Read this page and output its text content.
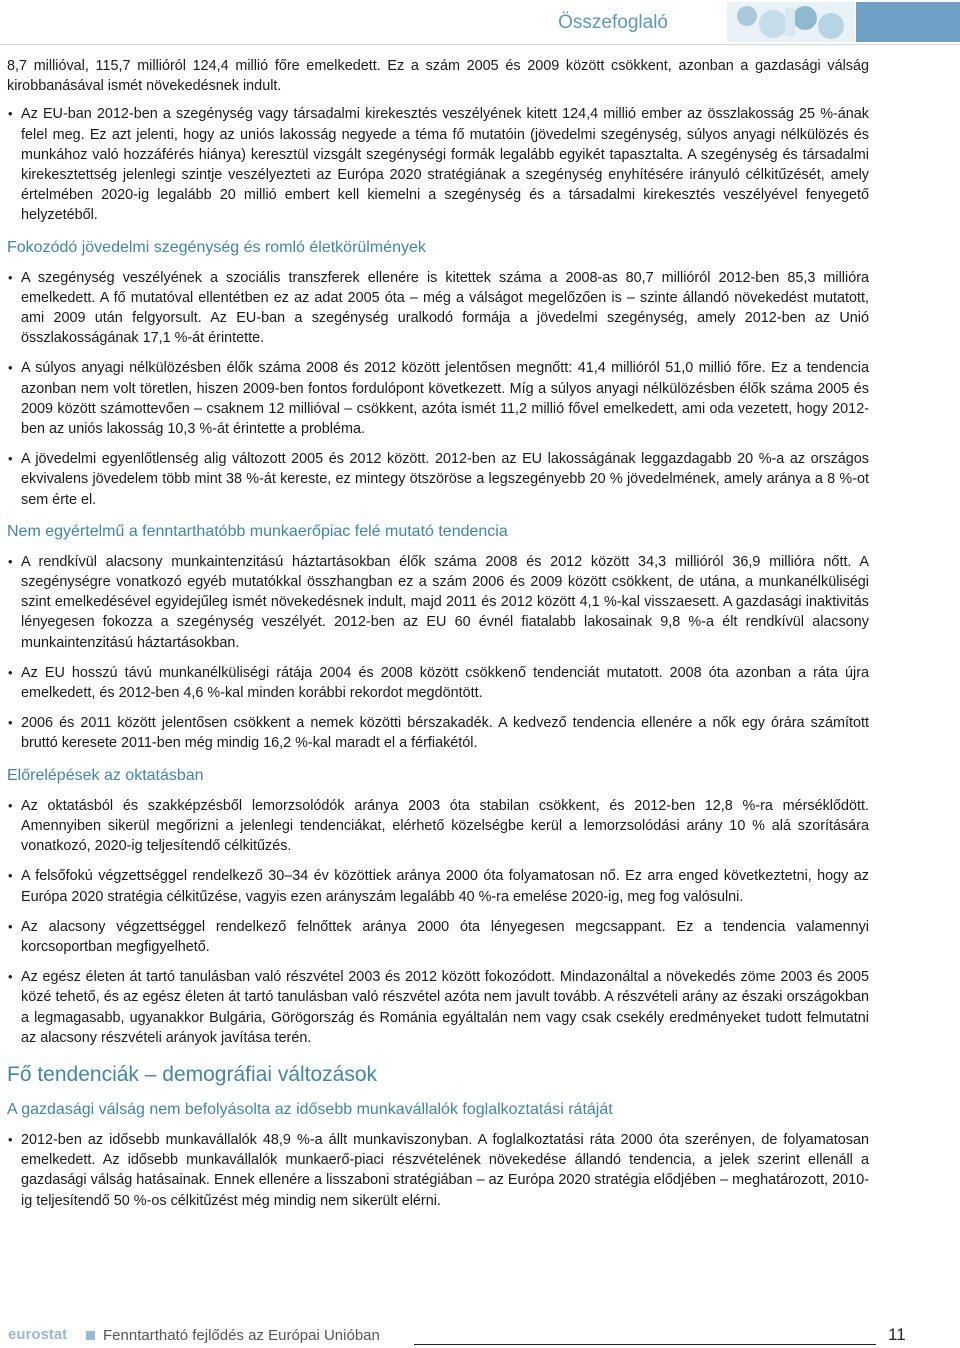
Összefoglaló

8,7 millióval, 115,7 millióról 124,4 millió főre emelkedett. Ez a szám 2005 és 2009 között csökkent, azonban a gazdasági válság kirobbanásával ismét növekedésnek indult.

• Az EU-ban 2012-ben a szegénység vagy társadalmi kirekesztés veszélyének kitett 124,4 millió ember az összlakosság 25 %-ának felel meg. Ez azt jelenti, hogy az uniós lakosság negyede a téma fő mutatóin (jövedelmi szegénység, súlyos anyagi nélkülözés és munkához való hozzáférés hiánya) keresztül vizsgált szegénységi formák legalább egyikét tapasztalta. A szegénység és társadalmi kirekesztettség jelenlegi szintje veszélyezteti az Európa 2020 stratégiának a szegénység enyhítésére irányuló célkitűzését, amely értelmében 2020-ig legalább 20 millió embert kell kiemelni a szegénység és a társadalmi kirekesztés veszélyével fenyegető helyzetéből.
Fokozódó jövedelmi szegénység és romló életkörülmények
• A szegénység veszélyének a szociális transzferek ellenére is kitettek száma a 2008-as 80,7 millióról 2012-ben 85,3 millióra emelkedett. A fő mutatóval ellentétben ez az adat 2005 óta – még a válságot megelőzően is – szinte állandó növekedést mutatott, ami 2009 után felgyorsult. Az EU-ban a szegénység uralkodó formája a jövedelmi szegénység, amely 2012-ben az Unió összlakosságának 17,1 %-át érintette.
• A súlyos anyagi nélkülözésben élők száma 2008 és 2012 között jelentősen megnőtt: 41,4 millióról 51,0 millió főre. Ez a tendencia azonban nem volt töretlen, hiszen 2009-ben fontos fordulópont következett. Míg a súlyos anyagi nélkülözésben élők száma 2005 és 2009 között számottevően – csaknem 12 millióval – csökkent, azóta ismét 11,2 millió fővel emelkedett, ami oda vezetett, hogy 2012-ben az uniós lakosság 10,3 %-át érintette a probléma.
• A jövedelmi egyenlőtlenség alig változott 2005 és 2012 között. 2012-ben az EU lakosságának leggazdagabb 20 %-a az országos ekvivalens jövedelem több mint 38 %-át kereste, ez mintegy ötszöröse a legszegényebb 20 % jövedelmének, amely aránya a 8 %-ot sem érte el.
Nem egyértelmű a fenntarthatóbb munkaerőpiac felé mutató tendencia
• A rendkívül alacsony munkaintenzitású háztartásokban élők száma 2008 és 2012 között 34,3 millióról 36,9 millióra nőtt. A szegénységre vonatkozó egyéb mutatókkal összhangban ez a szám 2006 és 2009 között csökkent, de utána, a munkanélküliségi szint emelkedésével egyidejűleg ismét növekedésnek indult, majd 2011 és 2012 között 4,1 %-kal visszaesett. A gazdasági inaktivitás lényegesen fokozza a szegénység veszélyét. 2012-ben az EU 60 évnél fiatalabb lakosainak 9,8 %-a élt rendkívül alacsony munkaintenzitású háztartásokban.
• Az EU hosszú távú munkanélküliségi rátája 2004 és 2008 között csökkenő tendenciát mutatott. 2008 óta azonban a ráta újra emelkedett, és 2012-ben 4,6 %-kal minden korábbi rekordot megdöntött.
• 2006 és 2011 között jelentősen csökkent a nemek közötti bérszakadék. A kedvező tendencia ellenére a nők egy órára számított bruttó keresete 2011-ben még mindig 16,2 %-kal maradt el a férfiakétól.
Előrelépések az oktatásban
• Az oktatásból és szakképzésből lemorzsolódók aránya 2003 óta stabilan csökkent, és 2012-ben 12,8 %-ra mérséklődött. Amennyiben sikerül megőrizni a jelenlegi tendenciákat, elérhető közelségbe kerül a lemorzsolódási arány 10 % alá szorítására vonatkozó, 2020-ig teljesítendő célkitűzés.
• A felsőfokú végzettséggel rendelkező 30–34 év közöttiek aránya 2000 óta folyamatosan nő. Ez arra enged következtetni, hogy az Európa 2020 stratégia célkitűzése, vagyis ezen arányszám legalább 40 %-ra emelése 2020-ig, meg fog valósulni.
• Az alacsony végzettséggel rendelkező felnőttek aránya 2000 óta lényegesen megcsappant. Ez a tendencia valamennyi korcsoportban megfigyelhető.
• Az egész életen át tartó tanulásban való részvétel 2003 és 2012 között fokozódott. Mindazonáltal a növekedés zöme 2003 és 2005 közé tehető, és az egész életen át tartó tanulásban való részvétel azóta nem javult tovább. A részvételi arány az északi országokban a legmagasabb, ugyanakkor Bulgária, Görögország és Románia egyáltalán nem vagy csak csekély eredményeket tudott felmutatni az alacsony részvételi arányok javítása terén.
Fő tendenciák – demográfiai változások
A gazdasági válság nem befolyásolta az idősebb munkavállalók foglalkoztatási rátáját
• 2012-ben az idősebb munkavállalók 48,9 %-a állt munkaviszonyban. A foglalkoztatási ráta 2000 óta szerényen, de folyamatosan emelkedett. Az idősebb munkavállalók munkaerő-piaci részvételének növekedése állandó tendencia, a jelek szerint ellenáll a gazdasági válság hatásainak. Ennek ellenére a lisszaboni stratégiában – az Európa 2020 stratégia elődjében – meghatározott, 2010-ig teljesítendő 50 %-os célkitűzést még mindig nem sikerült elérni.
eurostat Fenntartható fejlődés az Európai Unióban	11
